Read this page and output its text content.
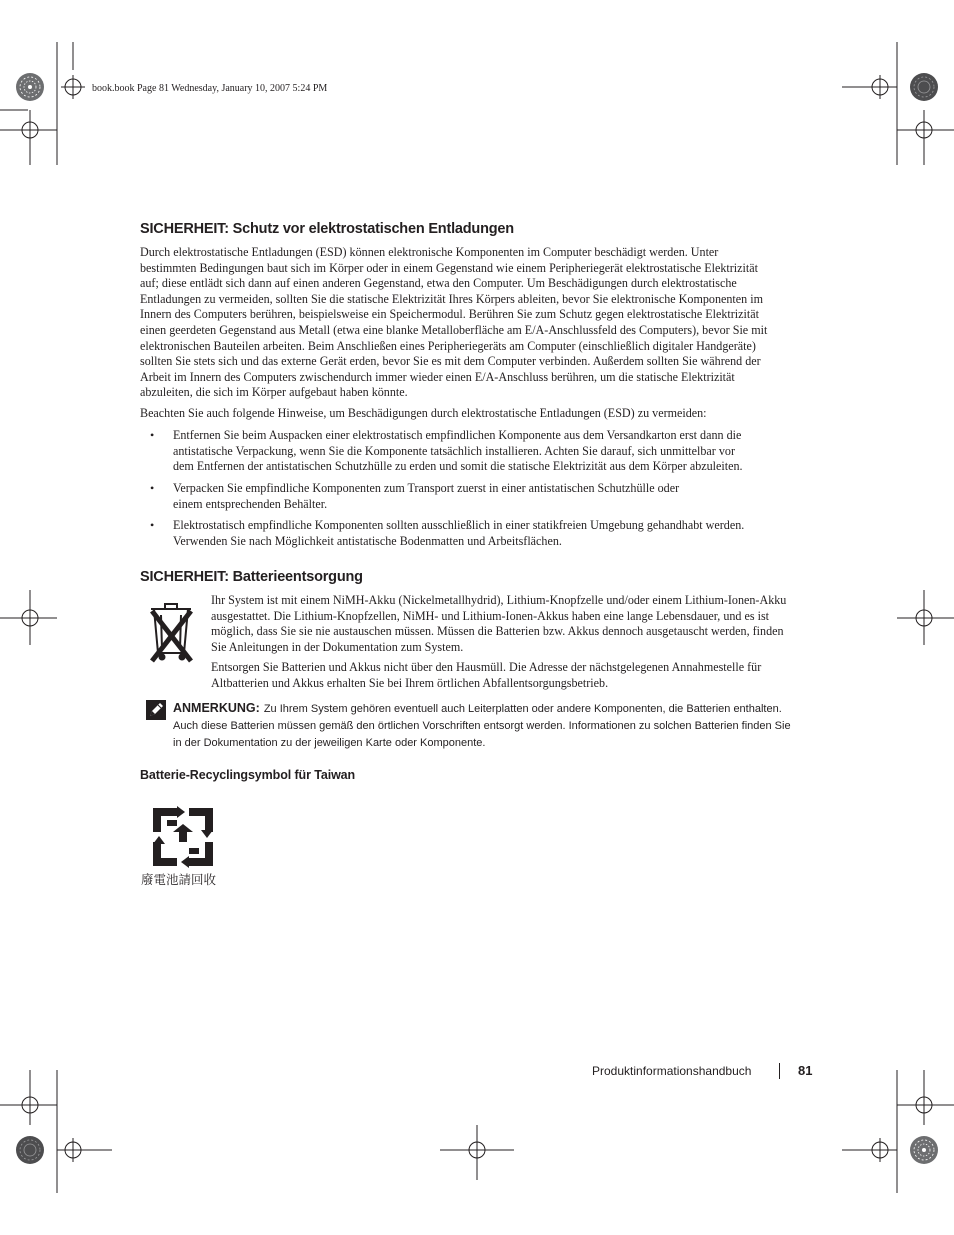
book.book Page 81 Wednesday, January 10, 2007 5:24 PM
SICHERHEIT: Schutz vor elektrostatischen Entladungen

Durch elektrostatische Entladungen (ESD) können elektronische Komponenten im Computer beschädigt werden. Unter
bestimmten Bedingungen baut sich im Körper oder in einem Gegenstand wie einem Peripheriegerät elektrostatische Elektrizität
auf; diese entlädt sich dann auf einen anderen Gegenstand, etwa den Computer. Um Beschädigungen durch elektrostatische
Entladungen zu vermeiden, sollten Sie die statische Elektrizität Ihres Körpers ableiten, bevor Sie elektronische Komponenten im
Innern des Computers berühren, beispielsweise ein Speichermodul. Berühren Sie zum Schutz gegen elektrostatische Elektrizität
einen geerdeten Gegenstand aus Metall (etwa eine blanke Metalloberfläche am E/A-Anschlussfeld des Computers), bevor Sie mit
elektronischen Bauteilen arbeiten. Beim Anschließen eines Peripheriegeräts am Computer (einschließlich digitaler Handgeräte)
sollten Sie stets sich und das externe Gerät erden, bevor Sie es mit dem Computer verbinden. Außerdem sollten Sie während der
Arbeit im Innern des Computers zwischendurch immer wieder einen E/A-Anschluss berühren, um die statische Elektrizität
abzuleiten, die sich im Körper aufgebaut haben könnte.

Beachten Sie auch folgende Hinweise, um Beschädigungen durch elektrostatische Entladungen (ESD) zu vermeiden:

• Entfernen Sie beim Auspacken einer elektrostatisch empfindlichen Komponente aus dem Versandkarton erst dann die
antistatische Verpackung, wenn Sie die Komponente tatsächlich installieren. Achten Sie darauf, sich unmittelbar vor
dem Entfernen der antistatischen Schutzhülle zu erden und somit die statische Elektrizität aus dem Körper abzuleiten.

• Verpacken Sie empfindliche Komponenten zum Transport zuerst in einer antistatischen Schutzhülle oder
einem entsprechenden Behälter.

• Elektrostatisch empfindliche Komponenten sollten ausschließlich in einer statikfreien Umgebung gehandhabt werden.
Verwenden Sie nach Möglichkeit antistatische Bodenmatten und Arbeitsflächen.

SICHERHEIT: Batterieentsorgung

Ihr System ist mit einem NiMH-Akku (Nickelmetallhydrid), Lithium-Knopfzelle und/oder einem Lithium-Ionen-Akku
ausgestattet. Die Lithium-Knopfzellen, NiMH- und Lithium-Ionen-Akkus haben eine lange Lebensdauer, und es ist
möglich, dass Sie sie nie austauschen müssen. Müssen die Batterien bzw. Akkus dennoch ausgetauscht werden, finden
Sie Anleitungen in der Dokumentation zum System.

Entsorgen Sie Batterien und Akkus nicht über den Hausmüll. Die Adresse der nächstgelegenen Annahmestelle für
Altbatterien und Akkus erhalten Sie bei Ihrem örtlichen Abfallentsorgungsbetrieb.

ANMERKUNG: Zu Ihrem System gehören eventuell auch Leiterplatten oder andere Komponenten, die Batterien enthalten.
Auch diese Batterien müssen gemäß den örtlichen Vorschriften entsorgt werden. Informationen zu solchen Batterien finden Sie
in der Dokumentation zu der jeweiligen Karte oder Komponente.
Batterie-Recyclingsymbol für Taiwan
廢電池請回收
Produktinformationshandbuch	81
